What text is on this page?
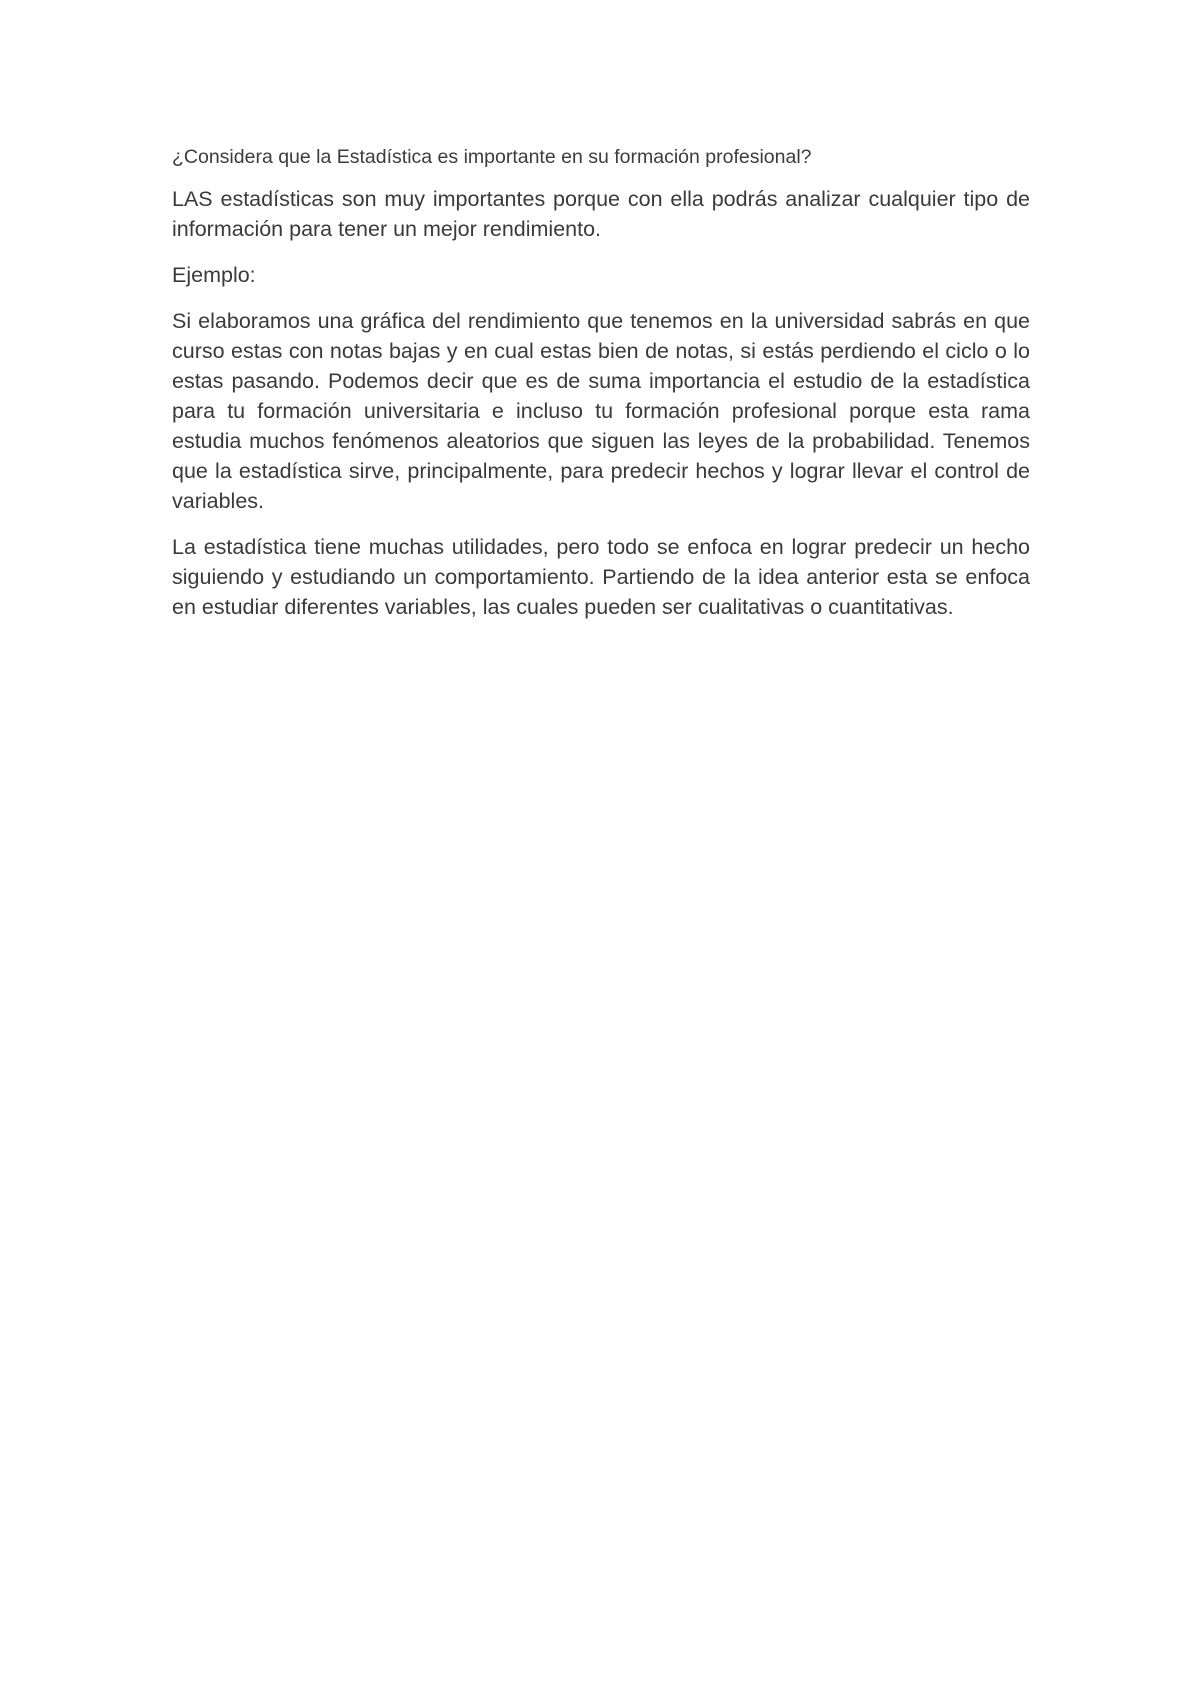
¿Considera que la Estadística es importante en su formación profesional?

LAS estadísticas son muy importantes porque con ella podrás analizar cualquier tipo de información para tener un mejor rendimiento.

Ejemplo:

Si elaboramos una gráfica del rendimiento que tenemos en la universidad sabrás en que curso estas con notas bajas y en cual estas bien de notas, si estás perdiendo el ciclo o lo estas pasando. Podemos decir que es de suma importancia el estudio de la estadística para tu formación universitaria e incluso tu formación profesional porque esta rama estudia muchos fenómenos aleatorios que siguen las leyes de la probabilidad. Tenemos que la estadística sirve, principalmente, para predecir hechos y lograr llevar el control de variables.

La estadística tiene muchas utilidades, pero todo se enfoca en lograr predecir un hecho siguiendo y estudiando un comportamiento. Partiendo de la idea anterior esta se enfoca en estudiar diferentes variables, las cuales pueden ser cualitativas o cuantitativas.
